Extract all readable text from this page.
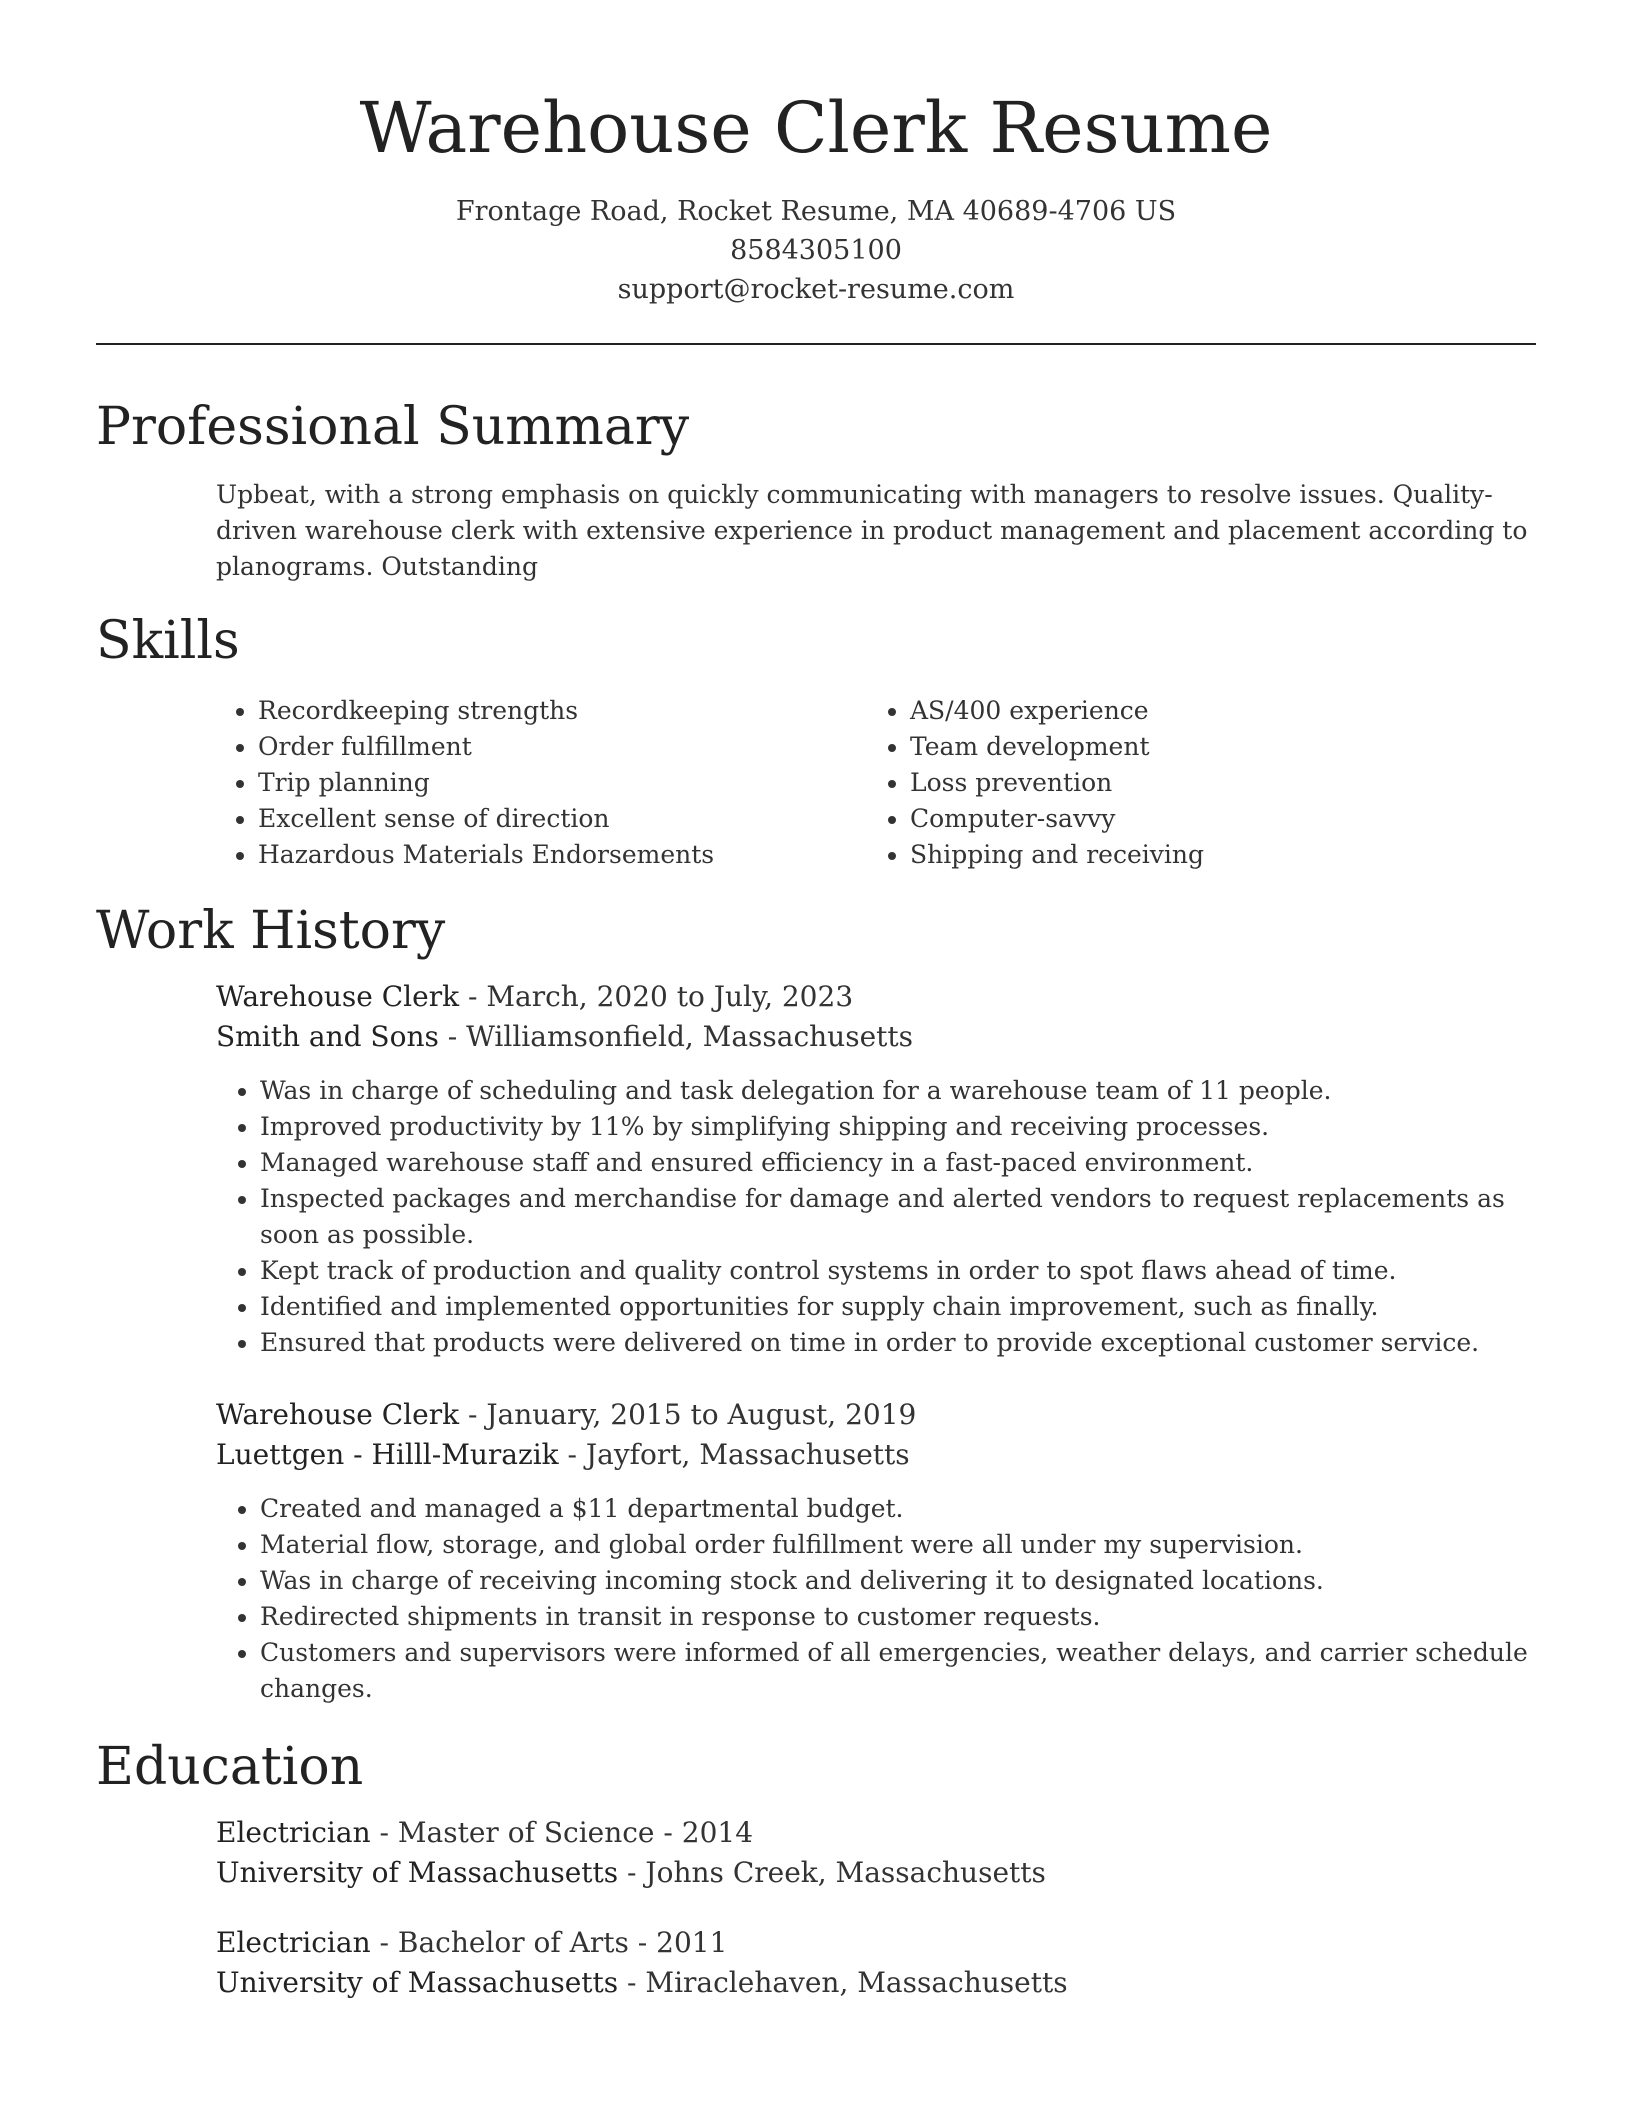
Warehouse Clerk Resume
Frontage Road, Rocket Resume, MA 40689-4706 US
8584305100
support@rocket-resume.com
Professional Summary

Upbeat, with a strong emphasis on quickly communicating with managers to resolve issues. Quality-driven warehouse clerk with extensive experience in product management and placement according to planograms. Outstanding

Skills
• Recordkeeping strengths
• Order fulfillment
• Trip planning
• Excellent sense of direction
• Hazardous Materials Endorsements
• AS/400 experience
• Team development
• Loss prevention
• Computer-savvy
• Shipping and receiving
Work History
Warehouse Clerk - March, 2020 to July, 2023
Smith and Sons - Williamsonfield, Massachusetts
• Was in charge of scheduling and task delegation for a warehouse team of 11 people.
• Improved productivity by 11% by simplifying shipping and receiving processes.
• Managed warehouse staff and ensured efficiency in a fast-paced environment.
• Inspected packages and merchandise for damage and alerted vendors to request replacements as soon as possible.
• Kept track of production and quality control systems in order to spot flaws ahead of time.
• Identified and implemented opportunities for supply chain improvement, such as finally.
• Ensured that products were delivered on time in order to provide exceptional customer service.
Warehouse Clerk - January, 2015 to August, 2019
Luettgen - Hilll-Murazik - Jayfort, Massachusetts
• Created and managed a $11 departmental budget.
• Material flow, storage, and global order fulfillment were all under my supervision.
• Was in charge of receiving incoming stock and delivering it to designated locations.
• Redirected shipments in transit in response to customer requests.
• Customers and supervisors were informed of all emergencies, weather delays, and carrier schedule changes.
Education
Electrician - Master of Science - 2014
University of Massachusetts - Johns Creek, Massachusetts
Electrician - Bachelor of Arts - 2011
University of Massachusetts - Miraclehaven, Massachusetts
